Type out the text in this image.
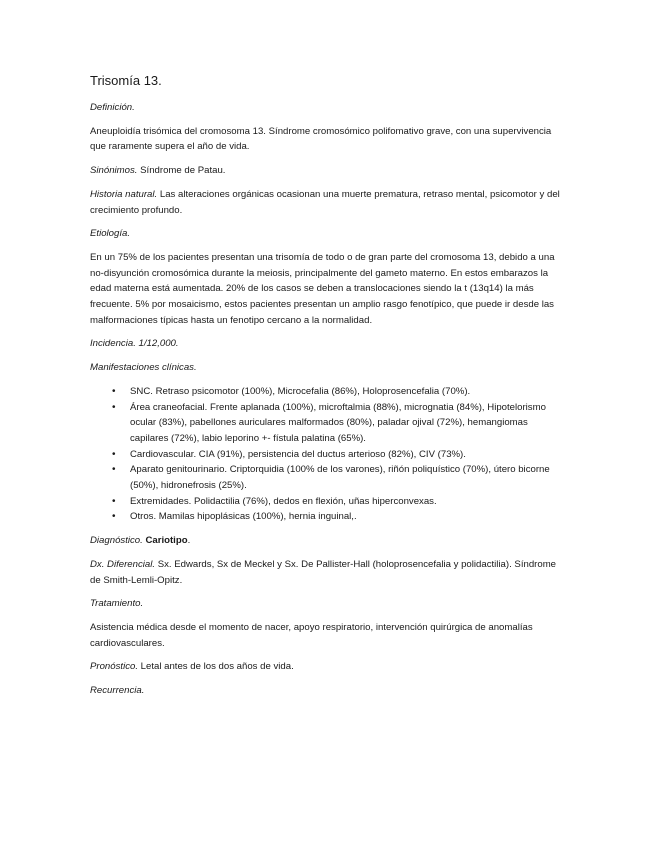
Trisomía 13.

Definición.

Aneuploidía trisómica del cromosoma 13. Síndrome cromosómico polifomativo grave, con una supervivencia que raramente supera el año de vida.

Sinónimos. Síndrome de Patau.

Historia natural. Las alteraciones orgánicas ocasionan una muerte prematura, retraso mental, psicomotor y del crecimiento profundo.

Etiología.

En un 75% de los pacientes presentan una trisomía de todo o de gran parte del cromosoma 13, debido a una no-disyunción cromosómica durante la meiosis, principalmente del gameto materno. En estos embarazos la edad materna está aumentada. 20% de los casos se deben a translocaciones siendo la t (13q14) la más frecuente. 5% por mosaicismo, estos pacientes presentan un amplio rasgo fenotípico, que puede ir desde las malformaciones típicas hasta un fenotipo cercano a la normalidad.

Incidencia. 1/12,000.

Manifestaciones clínicas.

• SNC. Retraso psicomotor (100%), Microcefalia (86%), Holoprosencefalia (70%).
• Área craneofacial. Frente aplanada (100%), microftalmia (88%), micrognatia (84%), Hipotelorismo ocular (83%), pabellones auriculares malformados (80%), paladar ojival (72%), hemangiomas capilares (72%), labio leporino +- fístula palatina (65%).
• Cardiovascular. CIA (91%), persistencia del ductus arterioso (82%), CIV (73%).
• Aparato genitourinario. Criptorquidia (100% de los varones), riñón poliquístico (70%), útero bicorne (50%), hidronefrosis (25%).
• Extremidades. Polidactilia (76%), dedos en flexión, uñas hiperconvexas.
• Otros. Mamilas hipoplásicas (100%), hernia inguinal,.

Diagnóstico. Cariotipo.

Dx. Diferencial. Sx. Edwards, Sx de Meckel y Sx. De Pallister-Hall (holoprosencefalia y polidactilia). Síndrome de Smith-Lemli-Opitz.

Tratamiento.

Asistencia médica desde el momento de nacer, apoyo respiratorio, intervención quirúrgica de anomalías cardiovasculares.

Pronóstico. Letal antes de los dos años de vida.

Recurrencia.
